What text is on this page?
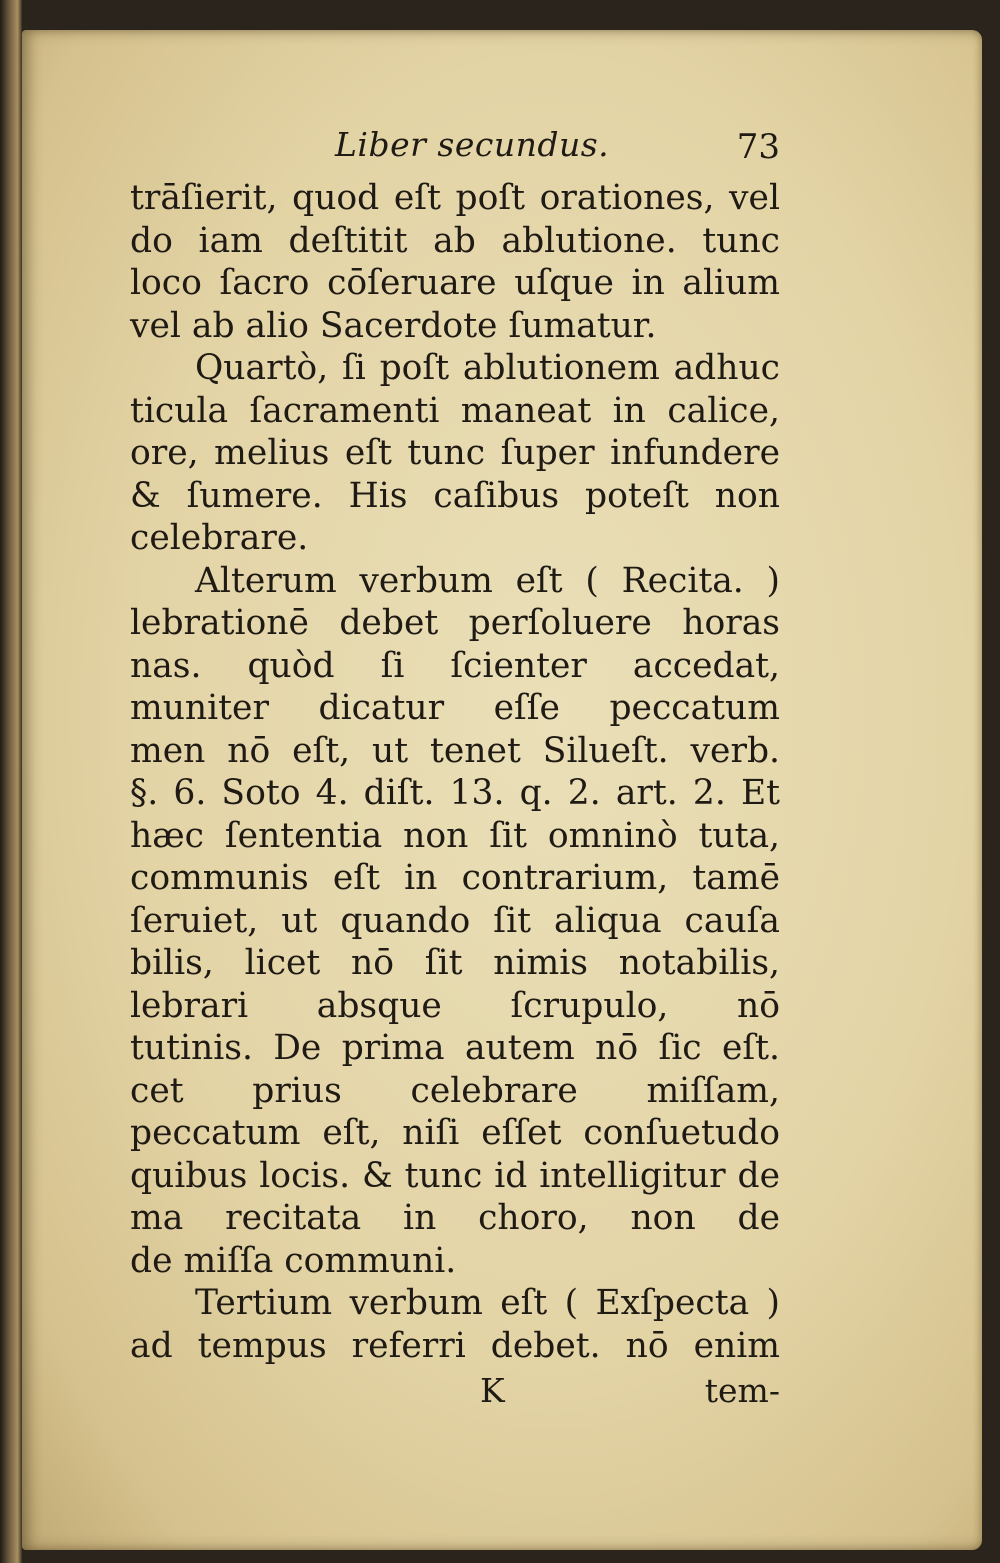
Liber secundus.	73
trāſierit, quod eſt poſt orationes, vel
do iam deſtitit ab ablutione. tunc
loco ſacro cōſeruare uſque in alium
vel ab alio Sacerdote ſumatur.
Quartò, ſi poſt ablutionem adhuc
ticula ſacramenti maneat in calice,
ore, melius eſt tunc ſuper infundere
& ſumere. His caſibus poteſt non
celebrare.
Alterum verbum eſt ( Recita. )
lebrationē debet perſoluere horas
nas. quòd ſi ſcienter accedat,
muniter dicatur eſſe peccatum
men nō eſt, ut tenet Silueſt. verb.
§. 6. Soto 4. diſt. 13. q. 2. art. 2. Et
hæc ſententia non ſit omninò tuta,
communis eſt in contrarium, tamē
ſeruiet, ut quando ſit aliqua cauſa
bilis, licet nō ſit nimis notabilis,
lebrari absque ſcrupulo, nō
tutinis. De prima autem nō ſic eſt.
cet prius celebrare miſſam,
peccatum eſt, niſi eſſet conſuetudo
quibus locis. & tunc id intelligitur de
ma recitata in choro, non de
de miſſa communi.
Tertium verbum eſt ( Exſpecta )
ad tempus referri debet. nō enim
K	tem-
